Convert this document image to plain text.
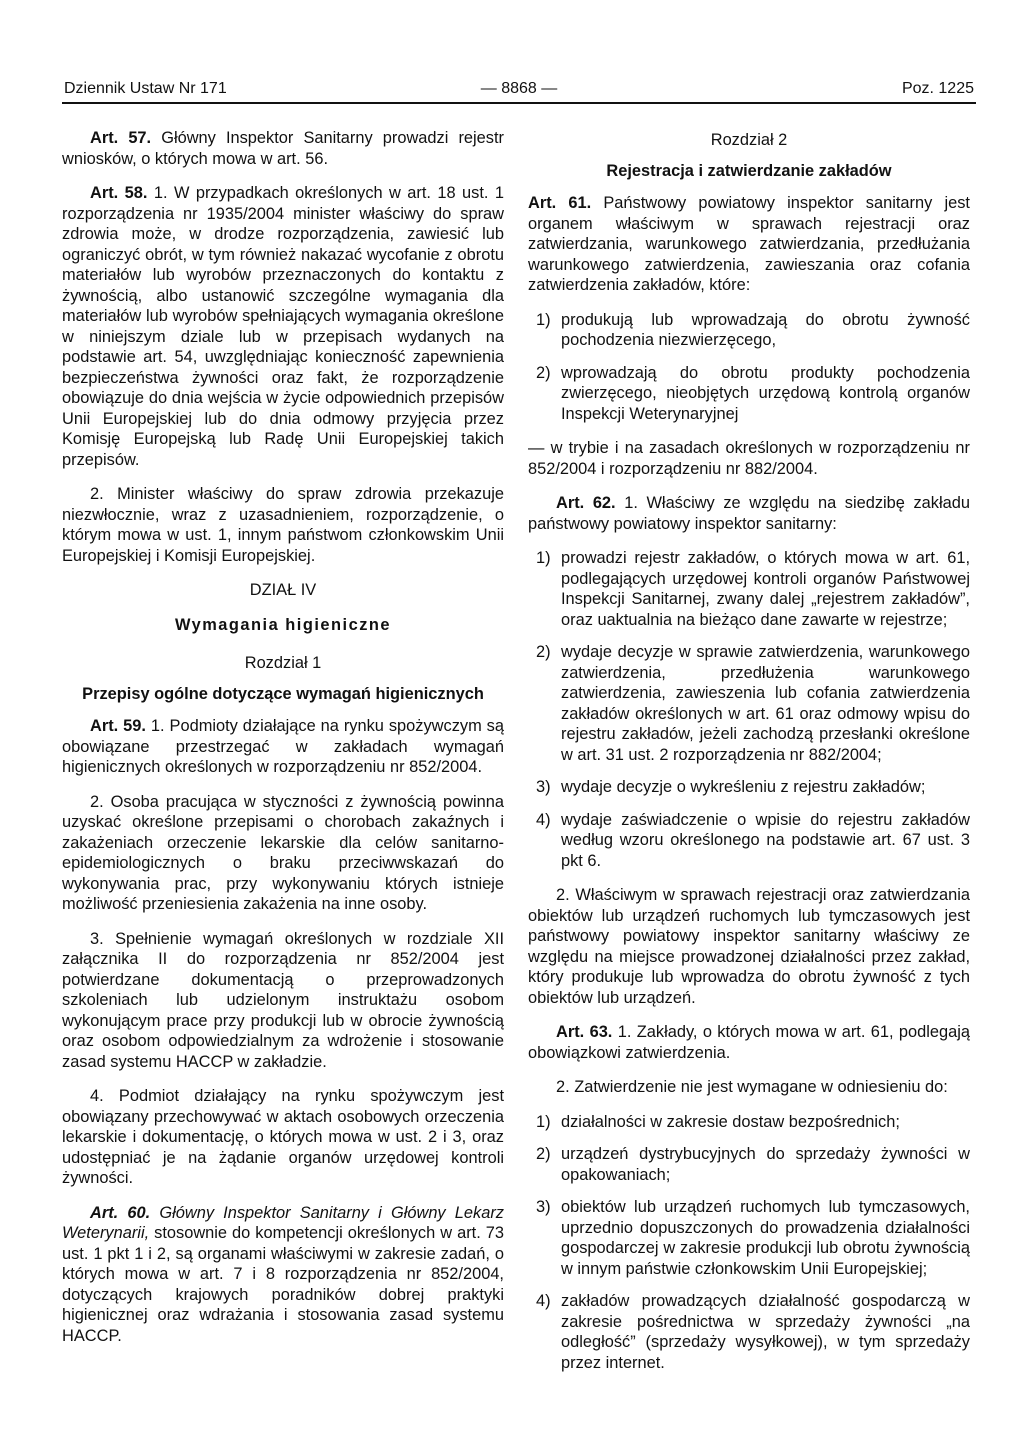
Dziennik Ustaw Nr 171	— 8868 —	Poz. 1225

Art. 57. Główny Inspektor Sanitarny prowadzi rejestr wniosków, o których mowa w art. 56.

Art. 58. 1. W przypadkach określonych w art. 18 ust. 1 rozporządzenia nr 1935/2004 minister właściwy do spraw zdrowia może, w drodze rozporządzenia, zawiesić lub ograniczyć obrót, w tym również nakazać wycofanie z obrotu materiałów lub wyrobów przeznaczonych do kontaktu z żywnością, albo ustanowić szczególne wymagania dla materiałów lub wyrobów spełniających wymagania określone w niniejszym dziale lub w przepisach wydanych na podstawie art. 54, uwzględniając konieczność zapewnienia bezpieczeństwa żywności oraz fakt, że rozporządzenie obowiązuje do dnia wejścia w życie odpowiednich przepisów Unii Europejskiej lub do dnia odmowy przyjęcia przez Komisję Europejską lub Radę Unii Europejskiej takich przepisów.

2. Minister właściwy do spraw zdrowia przekazuje niezwłocznie, wraz z uzasadnieniem, rozporządzenie, o którym mowa w ust. 1, innym państwom członkowskim Unii Europejskiej i Komisji Europejskiej.

DZIAŁ IV
Wymagania higieniczne
Rozdział 1
Przepisy ogólne dotyczące wymagań higienicznych

Art. 59. 1. Podmioty działające na rynku spożywczym są obowiązane przestrzegać w zakładach wymagań higienicznych określonych w rozporządzeniu nr 852/2004.

2. Osoba pracująca w styczności z żywnością powinna uzyskać określone przepisami o chorobach zakaźnych i zakażeniach orzeczenie lekarskie dla celów sanitarno-epidemiologicznych o braku przeciwwskazań do wykonywania prac, przy wykonywaniu których istnieje możliwość przeniesienia zakażenia na inne osoby.

3. Spełnienie wymagań określonych w rozdziale XII załącznika II do rozporządzenia nr 852/2004 jest potwierdzane dokumentacją o przeprowadzonych szkoleniach lub udzielonym instruktażu osobom wykonującym prace przy produkcji lub w obrocie żywnością oraz osobom odpowiedzialnym za wdrożenie i stosowanie zasad systemu HACCP w zakładzie.

4. Podmiot działający na rynku spożywczym jest obowiązany przechowywać w aktach osobowych orzeczenia lekarskie i dokumentację, o których mowa w ust. 2 i 3, oraz udostępniać je na żądanie organów urzędowej kontroli żywności.

Art. 60. Główny Inspektor Sanitarny i Główny Lekarz Weterynarii, stosownie do kompetencji określonych w art. 73 ust. 1 pkt 1 i 2, są organami właściwymi w zakresie zadań, o których mowa w art. 7 i 8 rozporządzenia nr 852/2004, dotyczących krajowych poradników dobrej praktyki higienicznej oraz wdrażania i stosowania zasad systemu HACCP.

Rozdział 2
Rejestracja i zatwierdzanie zakładów

Art. 61. Państwowy powiatowy inspektor sanitarny jest organem właściwym w sprawach rejestracji oraz zatwierdzania, warunkowego zatwierdzania, przedłużania warunkowego zatwierdzenia, zawieszania oraz cofania zatwierdzenia zakładów, które:

1) produkują lub wprowadzają do obrotu żywność pochodzenia niezwierzęcego,
2) wprowadzają do obrotu produkty pochodzenia zwierzęcego, nieobjętych urzędową kontrolą organów Inspekcji Weterynaryjnej

— w trybie i na zasadach określonych w rozporządzeniu nr 852/2004 i rozporządzeniu nr 882/2004.

Art. 62. 1. Właściwy ze względu na siedzibę zakładu państwowy powiatowy inspektor sanitarny:

1) prowadzi rejestr zakładów, o których mowa w art. 61, podlegających urzędowej kontroli organów Państwowej Inspekcji Sanitarnej, zwany dalej „rejestrem zakładów”, oraz uaktualnia na bieżąco dane zawarte w rejestrze;
2) wydaje decyzje w sprawie zatwierdzenia, warunkowego zatwierdzenia, przedłużenia warunkowego zatwierdzenia, zawieszenia lub cofania zatwierdzenia zakładów określonych w art. 61 oraz odmowy wpisu do rejestru zakładów, jeżeli zachodzą przesłanki określone w art. 31 ust. 2 rozporządzenia nr 882/2004;
3) wydaje decyzje o wykreśleniu z rejestru zakładów;
4) wydaje zaświadczenie o wpisie do rejestru zakładów według wzoru określonego na podstawie art. 67 ust. 3 pkt 6.

2. Właściwym w sprawach rejestracji oraz zatwierdzania obiektów lub urządzeń ruchomych lub tymczasowych jest państwowy powiatowy inspektor sanitarny właściwy ze względu na miejsce prowadzonej działalności przez zakład, który produkuje lub wprowadza do obrotu żywność z tych obiektów lub urządzeń.

Art. 63. 1. Zakłady, o których mowa w art. 61, podlegają obowiązkowi zatwierdzenia.

2. Zatwierdzenie nie jest wymagane w odniesieniu do:

1) działalności w zakresie dostaw bezpośrednich;
2) urządzeń dystrybucyjnych do sprzedaży żywności w opakowaniach;
3) obiektów lub urządzeń ruchomych lub tymczasowych, uprzednio dopuszczonych do prowadzenia działalności gospodarczej w zakresie produkcji lub obrotu żywnością w innym państwie członkowskim Unii Europejskiej;
4) zakładów prowadzących działalność gospodarczą w zakresie pośrednictwa w sprzedaży żywności „na odległość” (sprzedaży wysyłkowej), w tym sprzedaży przez internet.
